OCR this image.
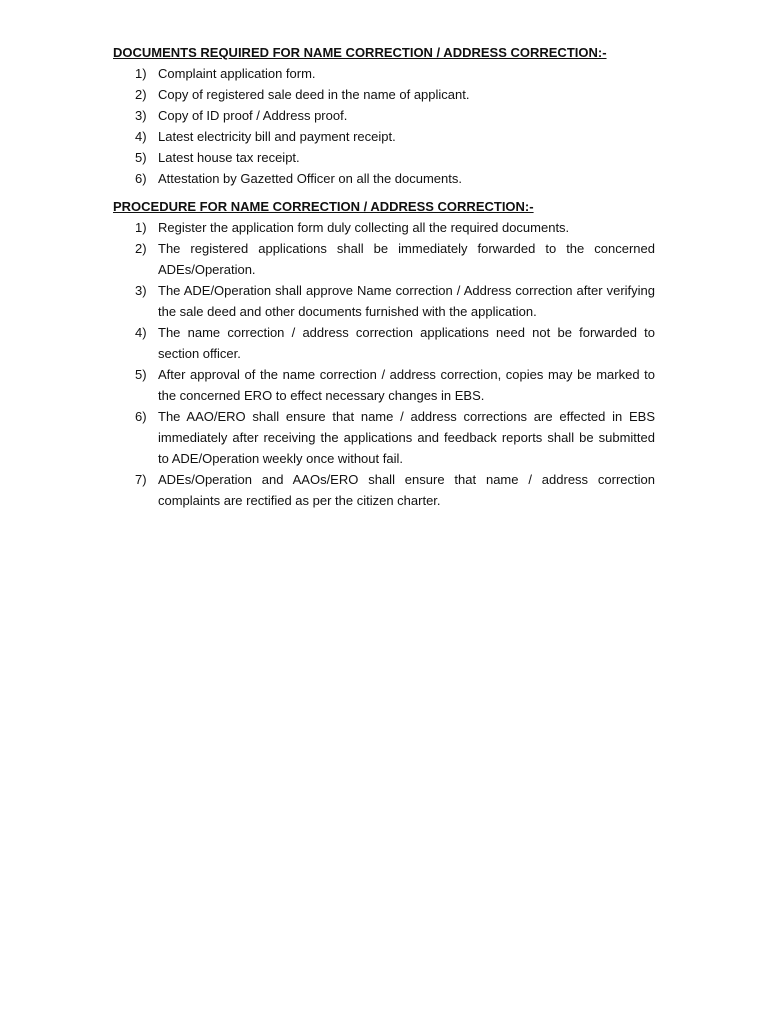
DOCUMENTS REQUIRED FOR NAME CORRECTION / ADDRESS CORRECTION:-

1) Complaint application form.
2) Copy of registered sale deed in the name of applicant.
3) Copy of ID proof / Address proof.
4) Latest electricity bill and payment receipt.
5) Latest house tax receipt.
6) Attestation by Gazetted Officer on all the documents.

PROCEDURE FOR NAME CORRECTION / ADDRESS CORRECTION:-

1) Register the application form duly collecting all the required documents.
2) The registered applications shall be immediately forwarded to the concerned ADEs/Operation.
3) The ADE/Operation shall approve Name correction / Address correction after verifying the sale deed and other documents furnished with the application.
4) The name correction / address correction applications need not be forwarded to section officer.
5) After approval of the name correction / address correction, copies may be marked to the concerned ERO to effect necessary changes in EBS.
6) The AAO/ERO shall ensure that name / address corrections are effected in EBS immediately after receiving the applications and feedback reports shall be submitted to ADE/Operation weekly once without fail.
7) ADEs/Operation and AAOs/ERO shall ensure that name / address correction complaints are rectified as per the citizen charter.
